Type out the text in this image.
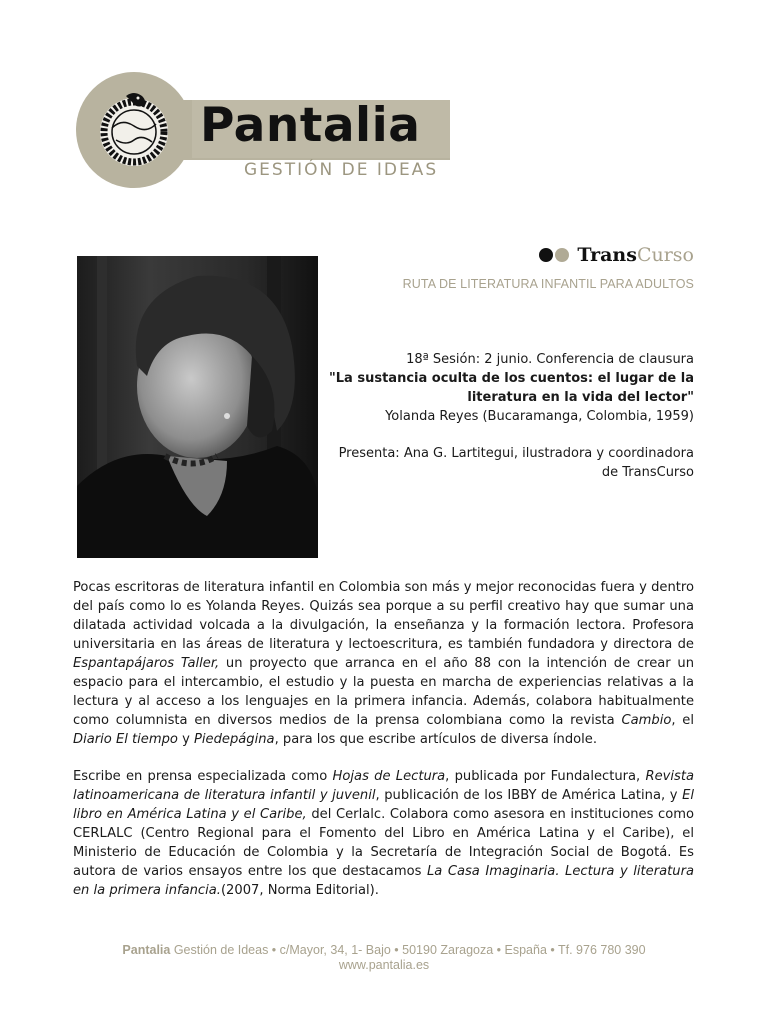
Pantalia
GESTIÓN DE IDEAS
TransCurso
RUTA DE LITERATURA INFANTIL PARA ADULTOS

18ª Sesión: 2 junio. Conferencia de clausura

"La sustancia oculta de los cuentos: el lugar de la

literatura en la vida del lector"

Yolanda Reyes (Bucaramanga, Colombia, 1959)

Presenta: Ana G. Lartitegui, ilustradora y coordinadora

de TransCurso

Pocas escritoras de literatura infantil en Colombia son más y mejor reconocidas fuera y dentro del país como lo es Yolanda Reyes. Quizás sea porque a su perfil creativo hay que sumar una dilatada actividad volcada a la divulgación, la enseñanza y la formación lectora. Profesora universitaria en las áreas de literatura y lectoescritura, es también fundadora y directora de Espantapájaros Taller, un proyecto que arranca en el año 88 con la intención de crear un espacio para el intercambio, el estudio y la puesta en marcha de experiencias relativas a la lectura y al acceso a los lenguajes en la primera infancia. Además, colabora habitualmente como columnista en diversos medios de la prensa colombiana como la revista Cambio, el Diario El tiempo y Piedepágina, para los que escribe artículos de diversa índole.

Escribe en prensa especializada como Hojas de Lectura, publicada por Fundalectura, Revista latinoamericana de literatura infantil y juvenil, publicación de los IBBY de América Latina, y El libro en América Latina y el Caribe, del Cerlalc. Colabora como asesora en instituciones como CERLALC (Centro Regional para el Fomento del Libro en América Latina y el Caribe), el Ministerio de Educación de Colombia y la Secretaría de Integración Social de Bogotá. Es autora de varios ensayos entre los que destacamos La Casa Imaginaria. Lectura y literatura en la primera infancia.(2007, Norma Editorial).

Pantalia Gestión de Ideas • c/Mayor, 34, 1- Bajo • 50190 Zaragoza • España • Tf. 976 780 390
www.pantalia.es
